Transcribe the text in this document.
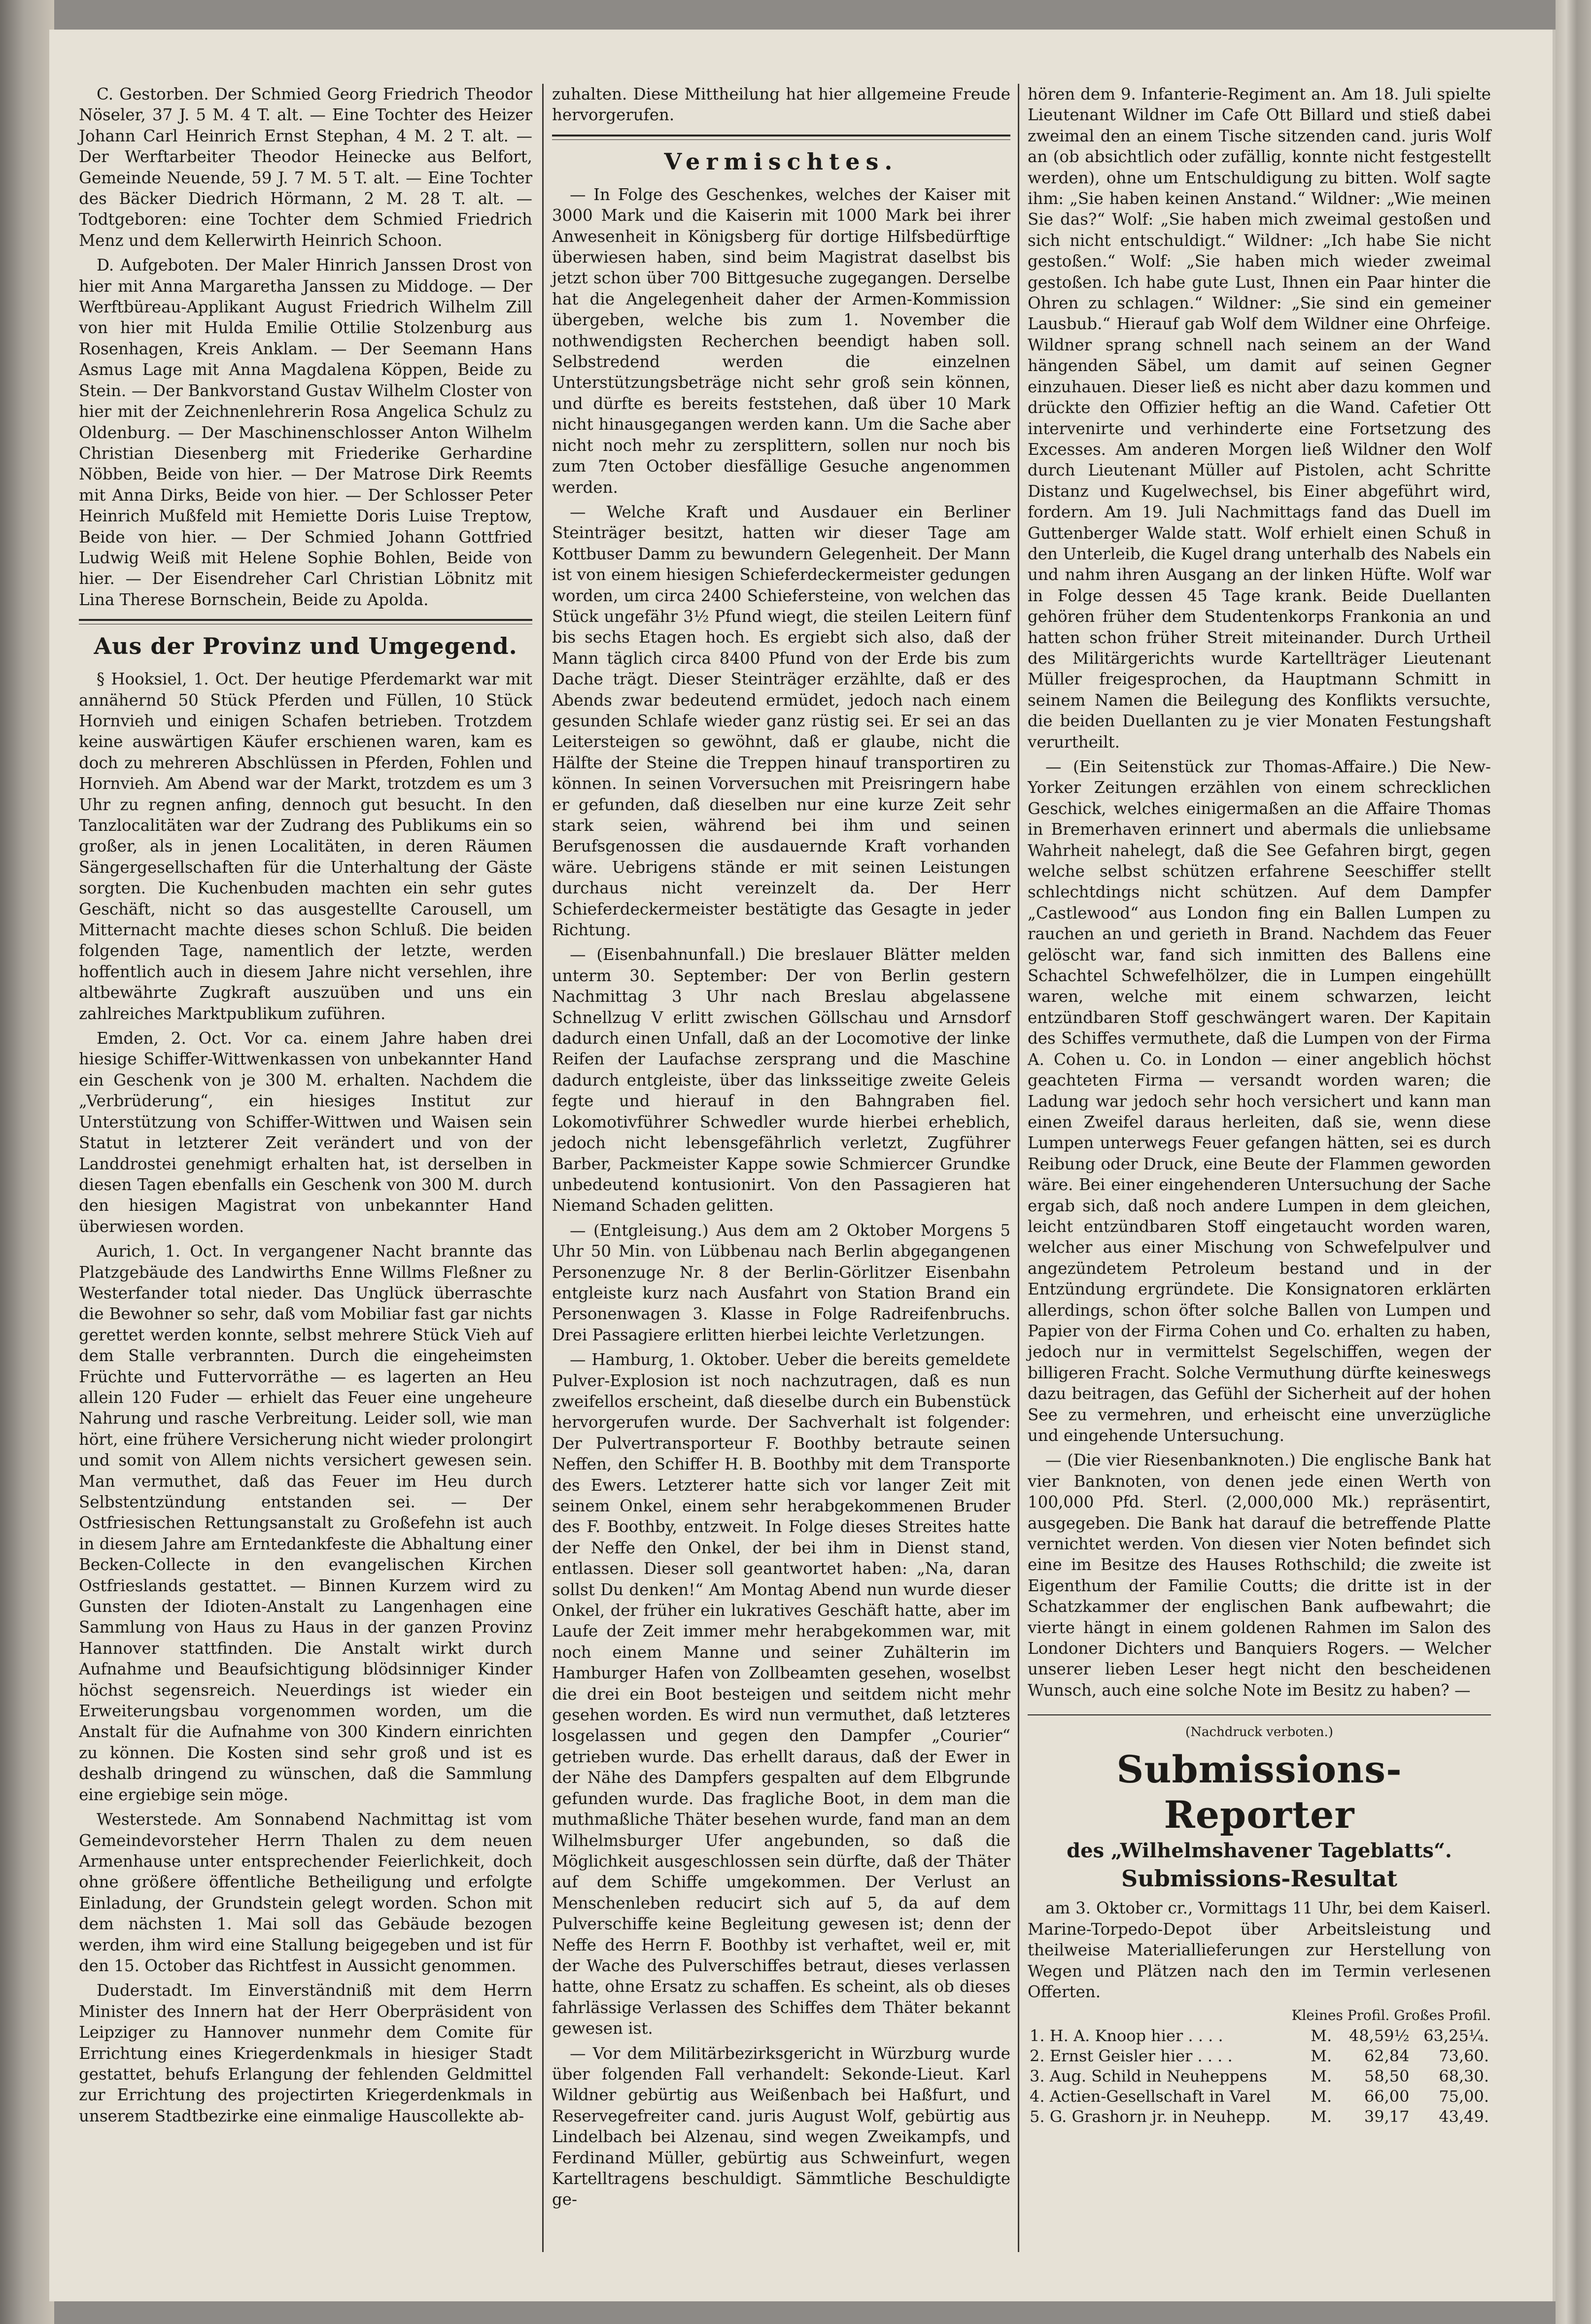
C. Gestorben. Der Schmied Georg Friedrich Theodor Nöseler, 37 J. 5 M. 4 T. alt. — Eine Tochter des Heizer Johann Carl Heinrich Ernst Stephan, 4 M. 2 T. alt. — Der Werftarbeiter Theodor Heinecke aus Belfort, Gemeinde Neuende, 59 J. 7 M. 5 T. alt. — Eine Tochter des Bäcker Diedrich Hörmann, 2 M. 28 T. alt. — Todtgeboren: eine Tochter dem Schmied Friedrich Menz und dem Kellerwirth Heinrich Schoon.

D. Aufgeboten. Der Maler Hinrich Janssen Drost von hier mit Anna Margaretha Janssen zu Middoge. — Der Werftbüreau-Applikant August Friedrich Wilhelm Zill von hier mit Hulda Emilie Ottilie Stolzenburg aus Rosenhagen, Kreis Anklam. — Der Seemann Hans Asmus Lage mit Anna Magdalena Köppen, Beide zu Stein. — Der Bankvorstand Gustav Wilhelm Closter von hier mit der Zeichnenlehrerin Rosa Angelica Schulz zu Oldenburg. — Der Maschinenschlosser Anton Wilhelm Christian Diesenberg mit Friederike Gerhardine Nöbben, Beide von hier. — Der Matrose Dirk Reemts mit Anna Dirks, Beide von hier. — Der Schlosser Peter Heinrich Mußfeld mit Hemiette Doris Luise Treptow, Beide von hier. — Der Schmied Johann Gottfried Ludwig Weiß mit Helene Sophie Bohlen, Beide von hier. — Der Eisendreher Carl Christian Löbnitz mit Lina Therese Bornschein, Beide zu Apolda.

Aus der Provinz und Umgegend.

§ Hooksiel, 1. Oct. Der heutige Pferdemarkt war mit annähernd 50 Stück Pferden und Füllen, 10 Stück Hornvieh und einigen Schafen betrieben. Trotzdem keine auswärtigen Käufer erschienen waren, kam es doch zu mehreren Abschlüssen in Pferden, Fohlen und Hornvieh. Am Abend war der Markt, trotzdem es um 3 Uhr zu regnen anfing, dennoch gut besucht. In den Tanzlocalitäten war der Zudrang des Publikums ein so großer, als in jenen Localitäten, in deren Räumen Sängergesellschaften für die Unterhaltung der Gäste sorgten. Die Kuchenbuden machten ein sehr gutes Geschäft, nicht so das ausgestellte Carousell, um Mitternacht machte dieses schon Schluß. Die beiden folgenden Tage, namentlich der letzte, werden hoffentlich auch in diesem Jahre nicht versehlen, ihre altbewährte Zugkraft auszuüben und uns ein zahlreiches Marktpublikum zuführen.

Emden, 2. Oct. Vor ca. einem Jahre haben drei hiesige Schiffer-Wittwenkassen von unbekannter Hand ein Geschenk von je 300 M. erhalten. Nachdem die „Verbrüderung“, ein hiesiges Institut zur Unterstützung von Schiffer-Wittwen und Waisen sein Statut in letzterer Zeit verändert und von der Landdrostei genehmigt erhalten hat, ist derselben in diesen Tagen ebenfalls ein Geschenk von 300 M. durch den hiesigen Magistrat von unbekannter Hand überwiesen worden.

Aurich, 1. Oct. In vergangener Nacht brannte das Platzgebäude des Landwirths Enne Willms Fleßner zu Westerfander total nieder. Das Unglück überraschte die Bewohner so sehr, daß vom Mobiliar fast gar nichts gerettet werden konnte, selbst mehrere Stück Vieh auf dem Stalle verbrannten. Durch die eingeheimsten Früchte und Futtervorräthe — es lagerten an Heu allein 120 Fuder — erhielt das Feuer eine ungeheure Nahrung und rasche Verbreitung. Leider soll, wie man hört, eine frühere Versicherung nicht wieder prolongirt und somit von Allem nichts versichert gewesen sein. Man vermuthet, daß das Feuer im Heu durch Selbstentzündung entstanden sei. — Der Ostfriesischen Rettungsanstalt zu Großefehn ist auch in diesem Jahre am Erntedankfeste die Abhaltung einer Becken-Collecte in den evangelischen Kirchen Ostfrieslands gestattet. — Binnen Kurzem wird zu Gunsten der Idioten-Anstalt zu Langenhagen eine Sammlung von Haus zu Haus in der ganzen Provinz Hannover stattfinden. Die Anstalt wirkt durch Aufnahme und Beaufsichtigung blödsinniger Kinder höchst segensreich. Neuerdings ist wieder ein Erweiterungsbau vorgenommen worden, um die Anstalt für die Aufnahme von 300 Kindern einrichten zu können. Die Kosten sind sehr groß und ist es deshalb dringend zu wünschen, daß die Sammlung eine ergiebige sein möge.

Westerstede. Am Sonnabend Nachmittag ist vom Gemeindevorsteher Herrn Thalen zu dem neuen Armenhause unter entsprechender Feierlichkeit, doch ohne größere öffentliche Betheiligung und erfolgte Einladung, der Grundstein gelegt worden. Schon mit dem nächsten 1. Mai soll das Gebäude bezogen werden, ihm wird eine Stallung beigegeben und ist für den 15. October das Richtfest in Aussicht genommen.

Duderstadt. Im Einverständniß mit dem Herrn Minister des Innern hat der Herr Oberpräsident von Leipziger zu Hannover nunmehr dem Comite für Errichtung eines Kriegerdenkmals in hiesiger Stadt gestattet, behufs Erlangung der fehlenden Geldmittel zur Errichtung des projectirten Kriegerdenkmals in unserem Stadtbezirke eine einmalige Hauscollekte ab-

zuhalten. Diese Mittheilung hat hier allgemeine Freude hervorgerufen.

Vermischtes.

— In Folge des Geschenkes, welches der Kaiser mit 3000 Mark und die Kaiserin mit 1000 Mark bei ihrer Anwesenheit in Königsberg für dortige Hilfsbedürftige überwiesen haben, sind beim Magistrat daselbst bis jetzt schon über 700 Bittgesuche zugegangen. Derselbe hat die Angelegenheit daher der Armen-Kommission übergeben, welche bis zum 1. November die nothwendigsten Recherchen beendigt haben soll. Selbstredend werden die einzelnen Unterstützungsbeträge nicht sehr groß sein können, und dürfte es bereits feststehen, daß über 10 Mark nicht hinausgegangen werden kann. Um die Sache aber nicht noch mehr zu zersplittern, sollen nur noch bis zum 7ten October diesfällige Gesuche angenommen werden.

— Welche Kraft und Ausdauer ein Berliner Steinträger besitzt, hatten wir dieser Tage am Kottbuser Damm zu bewundern Gelegenheit. Der Mann ist von einem hiesigen Schieferdeckermeister gedungen worden, um circa 2400 Schiefersteine, von welchen das Stück ungefähr 3½ Pfund wiegt, die steilen Leitern fünf bis sechs Etagen hoch. Es ergiebt sich also, daß der Mann täglich circa 8400 Pfund von der Erde bis zum Dache trägt. Dieser Steinträger erzählte, daß er des Abends zwar bedeutend ermüdet, jedoch nach einem gesunden Schlafe wieder ganz rüstig sei. Er sei an das Leitersteigen so gewöhnt, daß er glaube, nicht die Hälfte der Steine die Treppen hinauf transportiren zu können. In seinen Vorversuchen mit Preisringern habe er gefunden, daß dieselben nur eine kurze Zeit sehr stark seien, während bei ihm und seinen Berufsgenossen die ausdauernde Kraft vorhanden wäre. Uebrigens stände er mit seinen Leistungen durchaus nicht vereinzelt da. Der Herr Schieferdeckermeister bestätigte das Gesagte in jeder Richtung.

— (Eisenbahnunfall.) Die breslauer Blätter melden unterm 30. September: Der von Berlin gestern Nachmittag 3 Uhr nach Breslau abgelassene Schnellzug V erlitt zwischen Göllschau und Arnsdorf dadurch einen Unfall, daß an der Locomotive der linke Reifen der Laufachse zersprang und die Maschine dadurch entgleiste, über das linksseitige zweite Geleis fegte und hierauf in den Bahngraben fiel. Lokomotivführer Schwedler wurde hierbei erheblich, jedoch nicht lebensgefährlich verletzt, Zugführer Barber, Packmeister Kappe sowie Schmiercer Grundke unbedeutend kontusionirt. Von den Passagieren hat Niemand Schaden gelitten.

— (Entgleisung.) Aus dem am 2 Oktober Morgens 5 Uhr 50 Min. von Lübbenau nach Berlin abgegangenen Personenzuge Nr. 8 der Berlin-Görlitzer Eisenbahn entgleiste kurz nach Ausfahrt von Station Brand ein Personenwagen 3. Klasse in Folge Radreifenbruchs. Drei Passagiere erlitten hierbei leichte Verletzungen.

— Hamburg, 1. Oktober. Ueber die bereits gemeldete Pulver-Explosion ist noch nachzutragen, daß es nun zweifellos erscheint, daß dieselbe durch ein Bubenstück hervorgerufen wurde. Der Sachverhalt ist folgender: Der Pulvertransporteur F. Boothby betraute seinen Neffen, den Schiffer H. B. Boothby mit dem Transporte des Ewers. Letzterer hatte sich vor langer Zeit mit seinem Onkel, einem sehr herabgekommenen Bruder des F. Boothby, entzweit. In Folge dieses Streites hatte der Neffe den Onkel, der bei ihm in Dienst stand, entlassen. Dieser soll geantwortet haben: „Na, daran sollst Du denken!“ Am Montag Abend nun wurde dieser Onkel, der früher ein lukratives Geschäft hatte, aber im Laufe der Zeit immer mehr herabgekommen war, mit noch einem Manne und seiner Zuhälterin im Hamburger Hafen von Zollbeamten gesehen, woselbst die drei ein Boot besteigen und seitdem nicht mehr gesehen worden. Es wird nun vermuthet, daß letzteres losgelassen und gegen den Dampfer „Courier“ getrieben wurde. Das erhellt daraus, daß der Ewer in der Nähe des Dampfers gespalten auf dem Elbgrunde gefunden wurde. Das fragliche Boot, in dem man die muthmaßliche Thäter besehen wurde, fand man an dem Wilhelmsburger Ufer angebunden, so daß die Möglichkeit ausgeschlossen sein dürfte, daß der Thäter auf dem Schiffe umgekommen. Der Verlust an Menschenleben reducirt sich auf 5, da auf dem Pulverschiffe keine Begleitung gewesen ist; denn der Neffe des Herrn F. Boothby ist verhaftet, weil er, mit der Wache des Pulverschiffes betraut, dieses verlassen hatte, ohne Ersatz zu schaffen. Es scheint, als ob dieses fahrlässige Verlassen des Schiffes dem Thäter bekannt gewesen ist.

— Vor dem Militärbezirksgericht in Würzburg wurde über folgenden Fall verhandelt: Sekonde-Lieut. Karl Wildner gebürtig aus Weißenbach bei Haßfurt, und Reservegefreiter cand. juris August Wolf, gebürtig aus Lindelbach bei Alzenau, sind wegen Zweikampfs, und Ferdinand Müller, gebürtig aus Schweinfurt, wegen Kartelltragens beschuldigt. Sämmtliche Beschuldigte ge-

hören dem 9. Infanterie-Regiment an. Am 18. Juli spielte Lieutenant Wildner im Cafe Ott Billard und stieß dabei zweimal den an einem Tische sitzenden cand. juris Wolf an (ob absichtlich oder zufällig, konnte nicht festgestellt werden), ohne um Entschuldigung zu bitten. Wolf sagte ihm: „Sie haben keinen Anstand.“ Wildner: „Wie meinen Sie das?“ Wolf: „Sie haben mich zweimal gestoßen und sich nicht entschuldigt.“ Wildner: „Ich habe Sie nicht gestoßen.“ Wolf: „Sie haben mich wieder zweimal gestoßen. Ich habe gute Lust, Ihnen ein Paar hinter die Ohren zu schlagen.“ Wildner: „Sie sind ein gemeiner Lausbub.“ Hierauf gab Wolf dem Wildner eine Ohrfeige. Wildner sprang schnell nach seinem an der Wand hängenden Säbel, um damit auf seinen Gegner einzuhauen. Dieser ließ es nicht aber dazu kommen und drückte den Offizier heftig an die Wand. Cafetier Ott intervenirte und verhinderte eine Fortsetzung des Excesses. Am anderen Morgen ließ Wildner den Wolf durch Lieutenant Müller auf Pistolen, acht Schritte Distanz und Kugelwechsel, bis Einer abgeführt wird, fordern. Am 19. Juli Nachmittags fand das Duell im Guttenberger Walde statt. Wolf erhielt einen Schuß in den Unterleib, die Kugel drang unterhalb des Nabels ein und nahm ihren Ausgang an der linken Hüfte. Wolf war in Folge dessen 45 Tage krank. Beide Duellanten gehören früher dem Studentenkorps Frankonia an und hatten schon früher Streit miteinander. Durch Urtheil des Militärgerichts wurde Kartellträger Lieutenant Müller freigesprochen, da Hauptmann Schmitt in seinem Namen die Beilegung des Konflikts versuchte, die beiden Duellanten zu je vier Monaten Festungshaft verurtheilt.

— (Ein Seitenstück zur Thomas-Affaire.) Die New-Yorker Zeitungen erzählen von einem schrecklichen Geschick, welches einigermaßen an die Affaire Thomas in Bremerhaven erinnert und abermals die unliebsame Wahrheit nahelegt, daß die See Gefahren birgt, gegen welche selbst schützen erfahrene Seeschiffer stellt schlechtdings nicht schützen. Auf dem Dampfer „Castlewood“ aus London fing ein Ballen Lumpen zu rauchen an und gerieth in Brand. Nachdem das Feuer gelöscht war, fand sich inmitten des Ballens eine Schachtel Schwefelhölzer, die in Lumpen eingehüllt waren, welche mit einem schwarzen, leicht entzündbaren Stoff geschwängert waren. Der Kapitain des Schiffes vermuthete, daß die Lumpen von der Firma A. Cohen u. Co. in London — einer angeblich höchst geachteten Firma — versandt worden waren; die Ladung war jedoch sehr hoch versichert und kann man einen Zweifel daraus herleiten, daß sie, wenn diese Lumpen unterwegs Feuer gefangen hätten, sei es durch Reibung oder Druck, eine Beute der Flammen geworden wäre. Bei einer eingehenderen Untersuchung der Sache ergab sich, daß noch andere Lumpen in dem gleichen, leicht entzündbaren Stoff eingetaucht worden waren, welcher aus einer Mischung von Schwefelpulver und angezündetem Petroleum bestand und in der Entzündung ergründete. Die Konsignatoren erklärten allerdings, schon öfter solche Ballen von Lumpen und Papier von der Firma Cohen und Co. erhalten zu haben, jedoch nur in vermittelst Segelschiffen, wegen der billigeren Fracht. Solche Vermuthung dürfte keineswegs dazu beitragen, das Gefühl der Sicherheit auf der hohen See zu vermehren, und erheischt eine unverzügliche und eingehende Untersuchung.

— (Die vier Riesenbanknoten.) Die englische Bank hat vier Banknoten, von denen jede einen Werth von 100,000 Pfd. Sterl. (2,000,000 Mk.) repräsentirt, ausgegeben. Die Bank hat darauf die betreffende Platte vernichtet werden. Von diesen vier Noten befindet sich eine im Besitze des Hauses Rothschild; die zweite ist Eigenthum der Familie Coutts; die dritte ist in der Schatzkammer der englischen Bank aufbewahrt; die vierte hängt in einem goldenen Rahmen im Salon des Londoner Dichters und Banquiers Rogers. — Welcher unserer lieben Leser hegt nicht den bescheidenen Wunsch, auch eine solche Note im Besitz zu haben? —

(Nachdruck verboten.)
Submissions-Reporter
des „Wilhelmshavener Tageblatts“.
Submissions-Resultat

am 3. Oktober cr., Vormittags 11 Uhr, bei dem Kaiserl. Marine-Torpedo-Depot über Arbeitsleistung und theilweise Materiallieferungen zur Herstellung von Wegen und Plätzen nach den im Termin verlesenen Offerten.

Kleines Profil. Großes Profil.
1. H. A. Knoop hier . . . .	M.	48,59½	63,25¼.
2. Ernst Geisler hier . . . .	M.	62,84	73,60.
3. Aug. Schild in Neuheppens	M.	58,50	68,30.
4. Actien-Gesellschaft in Varel	M.	66,00	75,00.
5. G. Grashorn jr. in Neuhepp.	M.	39,17	43,49.
